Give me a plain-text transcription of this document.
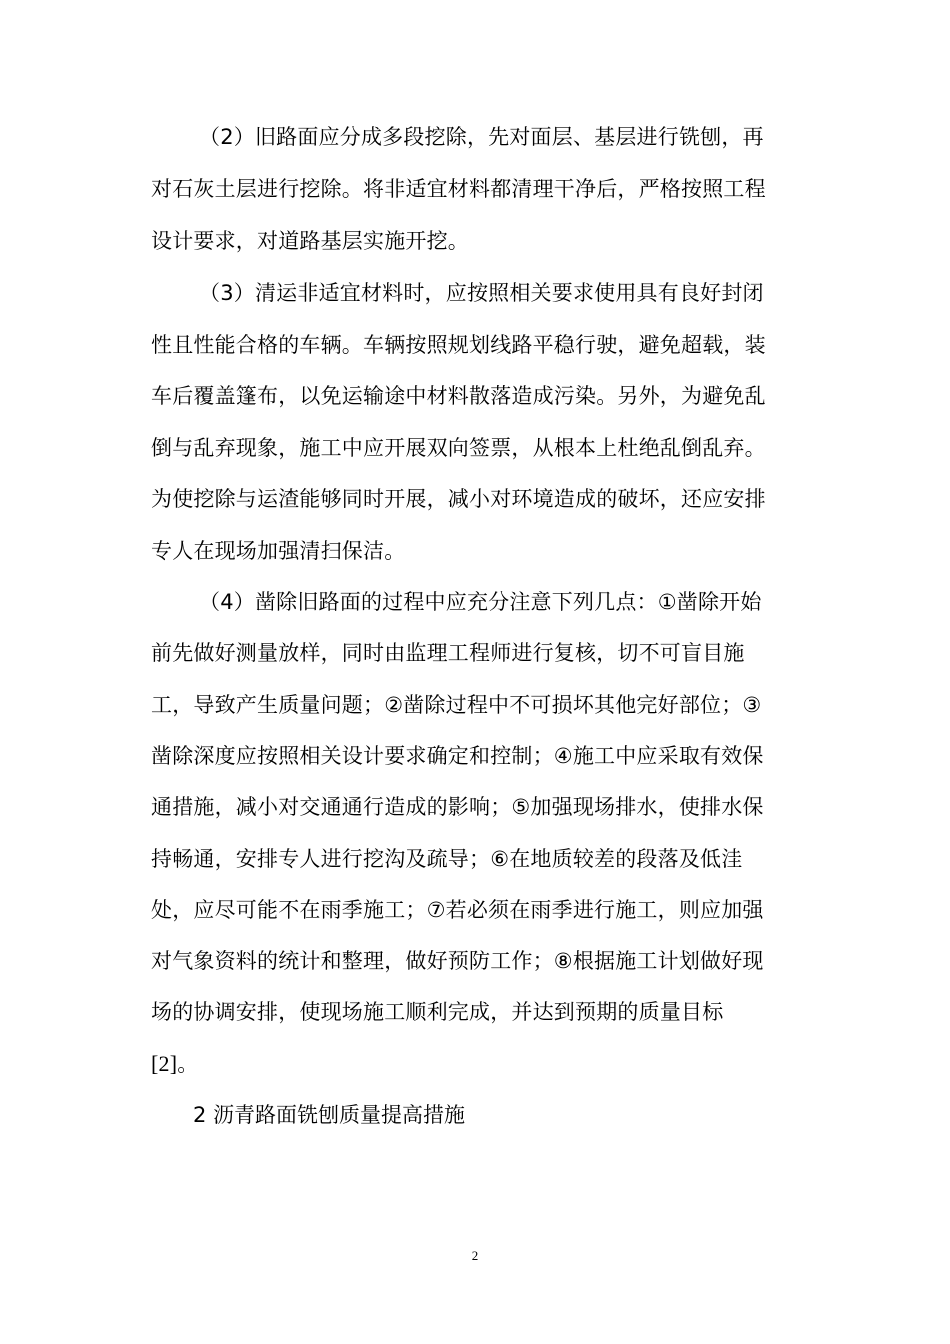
（2）旧路面应分成多段挖除，先对面层、基层进行铣刨，再
对石灰土层进行挖除。将非适宜材料都清理干净后，严格按照工程
设计要求，对道路基层实施开挖。
（3）清运非适宜材料时，应按照相关要求使用具有良好封闭
性且性能合格的车辆。车辆按照规划线路平稳行驶，避免超载，装
车后覆盖篷布，以免运输途中材料散落造成污染。另外，为避免乱
倒与乱弃现象，施工中应开展双向签票，从根本上杜绝乱倒乱弃。
为使挖除与运渣能够同时开展，减小对环境造成的破坏，还应安排
专人在现场加强清扫保洁。
（4）凿除旧路面的过程中应充分注意下列几点：①凿除开始
前先做好测量放样，同时由监理工程师进行复核，切不可盲目施
工，导致产生质量问题；②凿除过程中不可损坏其他完好部位；③
凿除深度应按照相关设计要求确定和控制；④施工中应采取有效保
通措施，减小对交通通行造成的影响；⑤加强现场排水，使排水保
持畅通，安排专人进行挖沟及疏导；⑥在地质较差的段落及低洼
处，应尽可能不在雨季施工；⑦若必须在雨季进行施工，则应加强
对气象资料的统计和整理，做好预防工作；⑧根据施工计划做好现
场的协调安排，使现场施工顺利完成，并达到预期的质量目标
[2]。
2 沥青路面铣刨质量提高措施
2
